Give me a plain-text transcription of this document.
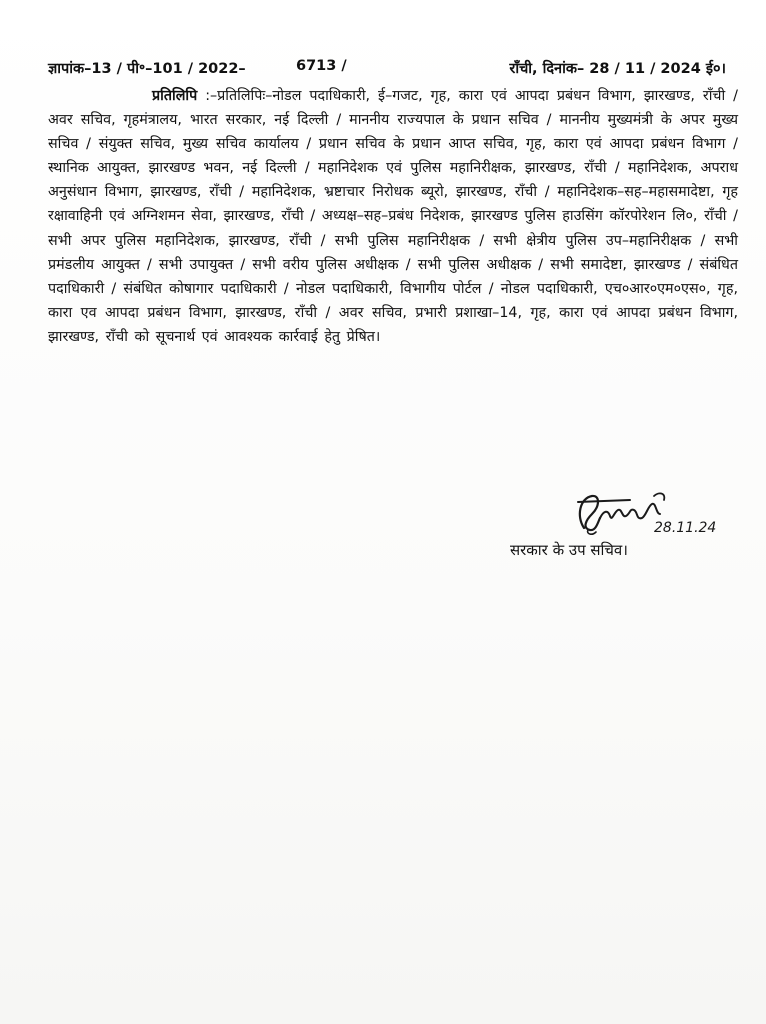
ज्ञापांक–13 / पी॰–101 / 2022–	6713 /	राँची, दिनांक– 28 / 11 / 2024 ई०।
प्रतिलिपि :–प्रतिलिपिः–नोडल पदाधिकारी, ई–गजट, गृह, कारा एवं आपदा प्रबंधन विभाग, झारखण्ड, राँची / अवर सचिव, गृहमंत्रालय, भारत सरकार, नई दिल्ली / माननीय राज्यपाल के प्रधान सचिव / माननीय मुख्यमंत्री के अपर मुख्य सचिव / संयुक्त सचिव, मुख्य सचिव कार्यालय / प्रधान सचिव के प्रधान आप्त सचिव, गृह, कारा एवं आपदा प्रबंधन विभाग / स्थानिक आयुक्त, झारखण्ड भवन, नई दिल्ली / महानिदेशक एवं पुलिस महानिरीक्षक, झारखण्ड, राँची / महानिदेशक, अपराध अनुसंधान विभाग, झारखण्ड, राँची / महानिदेशक, भ्रष्टाचार निरोधक ब्यूरो, झारखण्ड, राँची / महानिदेशक–सह–महासमादेष्टा, गृह रक्षावाहिनी एवं अग्निशमन सेवा, झारखण्ड, राँची / अध्यक्ष–सह–प्रबंध निदेशक, झारखण्ड पुलिस हाउसिंग कॉरपोरेशन लि०, राँची / सभी अपर पुलिस महानिदेशक, झारखण्ड, राँची / सभी पुलिस महानिरीक्षक / सभी क्षेत्रीय पुलिस उप–महानिरीक्षक / सभी प्रमंडलीय आयुक्त / सभी उपायुक्त / सभी वरीय पुलिस अधीक्षक / सभी पुलिस अधीक्षक / सभी समादेष्टा, झारखण्ड / संबंधित पदाधिकारी / संबंधित कोषागार पदाधिकारी / नोडल पदाधिकारी, विभागीय पोर्टल / नोडल पदाधिकारी, एच०आर०एम०एस०, गृह, कारा एव आपदा प्रबंधन विभाग, झारखण्ड, राँची / अवर सचिव, प्रभारी प्रशाखा–14, गृह, कारा एवं आपदा प्रबंधन विभाग, झारखण्ड, राँची को सूचनार्थ एवं आवश्यक कार्रवाई हेतु प्रेषित।
28.11.24
सरकार के उप सचिव।
